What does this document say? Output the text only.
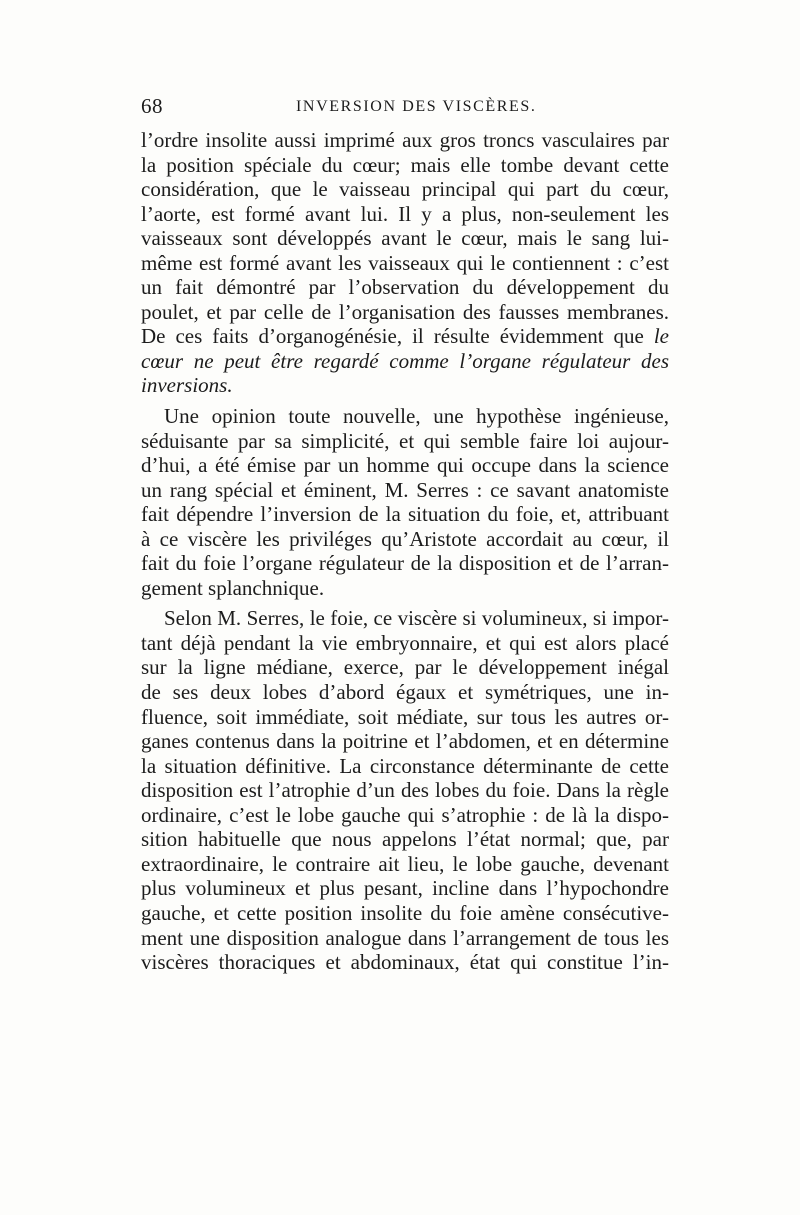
68	INVERSION DES VISCÈRES.
l’ordre insolite aussi imprimé aux gros troncs vasculaires par
la position spéciale du cœur; mais elle tombe devant cette
considération, que le vaisseau principal qui part du cœur,
l’aorte, est formé avant lui. Il y a plus, non-seulement les
vaisseaux sont développés avant le cœur, mais le sang lui-
même est formé avant les vaisseaux qui le contiennent : c’est
un fait démontré par l’observation du développement du
poulet, et par celle de l’organisation des fausses membranes.
De ces faits d’organogénésie, il résulte évidemment que le
cœur ne peut être regardé comme l’organe régulateur des
inversions.
Une opinion toute nouvelle, une hypothèse ingénieuse,
séduisante par sa simplicité, et qui semble faire loi aujour-
d’hui, a été émise par un homme qui occupe dans la science
un rang spécial et éminent, M. Serres : ce savant anatomiste
fait dépendre l’inversion de la situation du foie, et, attribuant
à ce viscère les priviléges qu’Aristote accordait au cœur, il
fait du foie l’organe régulateur de la disposition et de l’arran-
gement splanchnique.
Selon M. Serres, le foie, ce viscère si volumineux, si impor-
tant déjà pendant la vie embryonnaire, et qui est alors placé
sur la ligne médiane, exerce, par le développement inégal
de ses deux lobes d’abord égaux et symétriques, une in-
fluence, soit immédiate, soit médiate, sur tous les autres or-
ganes contenus dans la poitrine et l’abdomen, et en détermine
la situation définitive. La circonstance déterminante de cette
disposition est l’atrophie d’un des lobes du foie. Dans la règle
ordinaire, c’est le lobe gauche qui s’atrophie : de là la dispo-
sition habituelle que nous appelons l’état normal; que, par
extraordinaire, le contraire ait lieu, le lobe gauche, devenant
plus volumineux et plus pesant, incline dans l’hypochondre
gauche, et cette position insolite du foie amène consécutive-
ment une disposition analogue dans l’arrangement de tous les
viscères thoraciques et abdominaux, état qui constitue l’in-
